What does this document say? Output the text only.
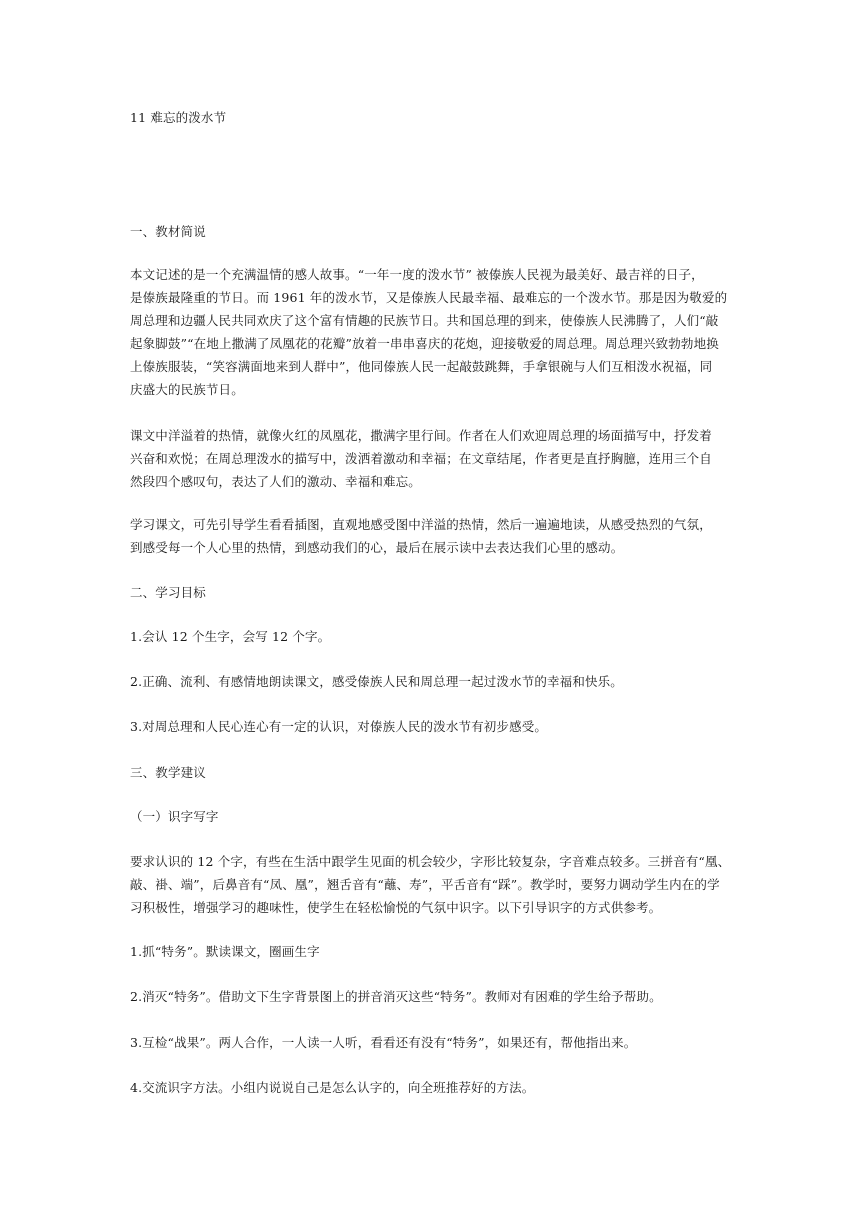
11 难忘的泼水节
一、教材简说
本文记述的是一个充满温情的感人故事。“一年一度的泼水节” 被傣族人民视为最美好、最吉祥的日子，
是傣族最隆重的节日。而 1961 年的泼水节，又是傣族人民最幸福、最难忘的一个泼水节。那是因为敬爱的
周总理和边疆人民共同欢庆了这个富有情趣的民族节日。共和国总理的到来，使傣族人民沸腾了，人们“敲
起象脚鼓”“在地上撒满了凤凰花的花瓣”放着一串串喜庆的花炮，迎接敬爱的周总理。周总理兴致勃勃地换
上傣族服装，“笑容满面地来到人群中”，他同傣族人民一起敲鼓跳舞，手拿银碗与人们互相泼水祝福，同
庆盛大的民族节日。
课文中洋溢着的热情，就像火红的凤凰花，撒满字里行间。作者在人们欢迎周总理的场面描写中，抒发着
兴奋和欢悦；在周总理泼水的描写中，泼洒着激动和幸福；在文章结尾，作者更是直抒胸臆，连用三个自
然段四个感叹句，表达了人们的激动、幸福和难忘。
学习课文，可先引导学生看看插图，直观地感受图中洋溢的热情，然后一遍遍地读，从感受热烈的气氛，
到感受每一个人心里的热情，到感动我们的心，最后在展示读中去表达我们心里的感动。
二、学习目标
1.会认 12 个生字，会写 12 个字。
2.正确、流利、有感情地朗读课文，感受傣族人民和周总理一起过泼水节的幸福和快乐。
3.对周总理和人民心连心有一定的认识，对傣族人民的泼水节有初步感受。
三、教学建议
（一）识字写字
要求认识的 12 个字，有些在生活中跟学生见面的机会较少，字形比较复杂，字音难点较多。三拼音有“凰、
敲、褂、端”，后鼻音有“凤、凰”，翘舌音有“蘸、寿”，平舌音有“踩”。教学时，要努力调动学生内在的学
习积极性，增强学习的趣味性，使学生在轻松愉悦的气氛中识字。以下引导识字的方式供参考。
1.抓“特务”。默读课文，圈画生字
2.消灭“特务”。借助文下生字背景图上的拼音消灭这些“特务”。教师对有困难的学生给予帮助。
3.互检“战果”。两人合作，一人读一人听，看看还有没有“特务”，如果还有，帮他指出来。
4.交流识字方法。小组内说说自己是怎么认字的，向全班推荐好的方法。
